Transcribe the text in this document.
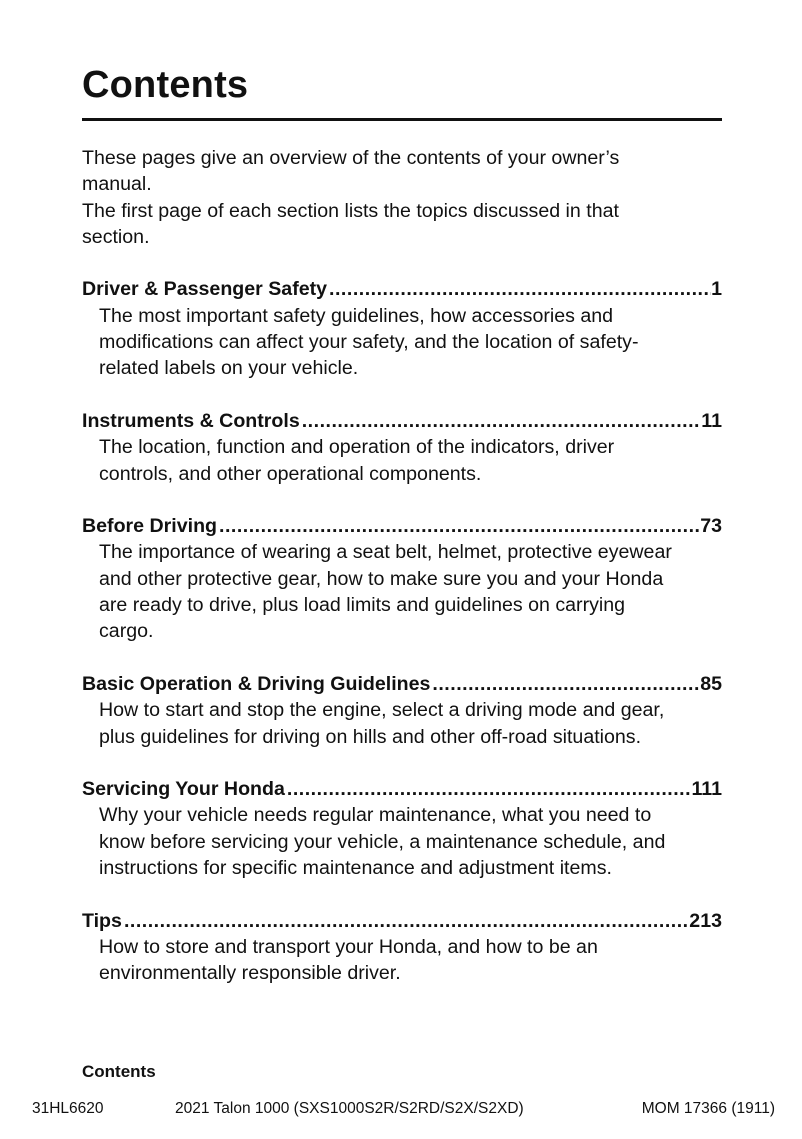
Contents
These pages give an overview of the contents of your owner’s
manual.
The first page of each section lists the topics discussed in that
section.
Driver & Passenger Safety .....	1
The most important safety guidelines, how accessories and
modifications can affect your safety, and the location of safety-
related labels on your vehicle.
Instruments & Controls .....	11
The location, function and operation of the indicators, driver
controls, and other operational components.
Before Driving .....	73
The importance of wearing a seat belt, helmet, protective eyewear
and other protective gear, how to make sure you and your Honda
are ready to drive, plus load limits and guidelines on carrying
cargo.
Basic Operation & Driving Guidelines .....	85
How to start and stop the engine, select a driving mode and gear,
plus guidelines for driving on hills and other off-road situations.
Servicing Your Honda .....	111
Why your vehicle needs regular maintenance, what you need to
know before servicing your vehicle, a maintenance schedule, and
instructions for specific maintenance and adjustment items.
Tips .....	213
How to store and transport your Honda, and how to be an
environmentally responsible driver.
Contents
31HL6620	2021 Talon 1000 (SXS1000S2R/S2RD/S2X/S2XD)	MOM 17366 (1911)
